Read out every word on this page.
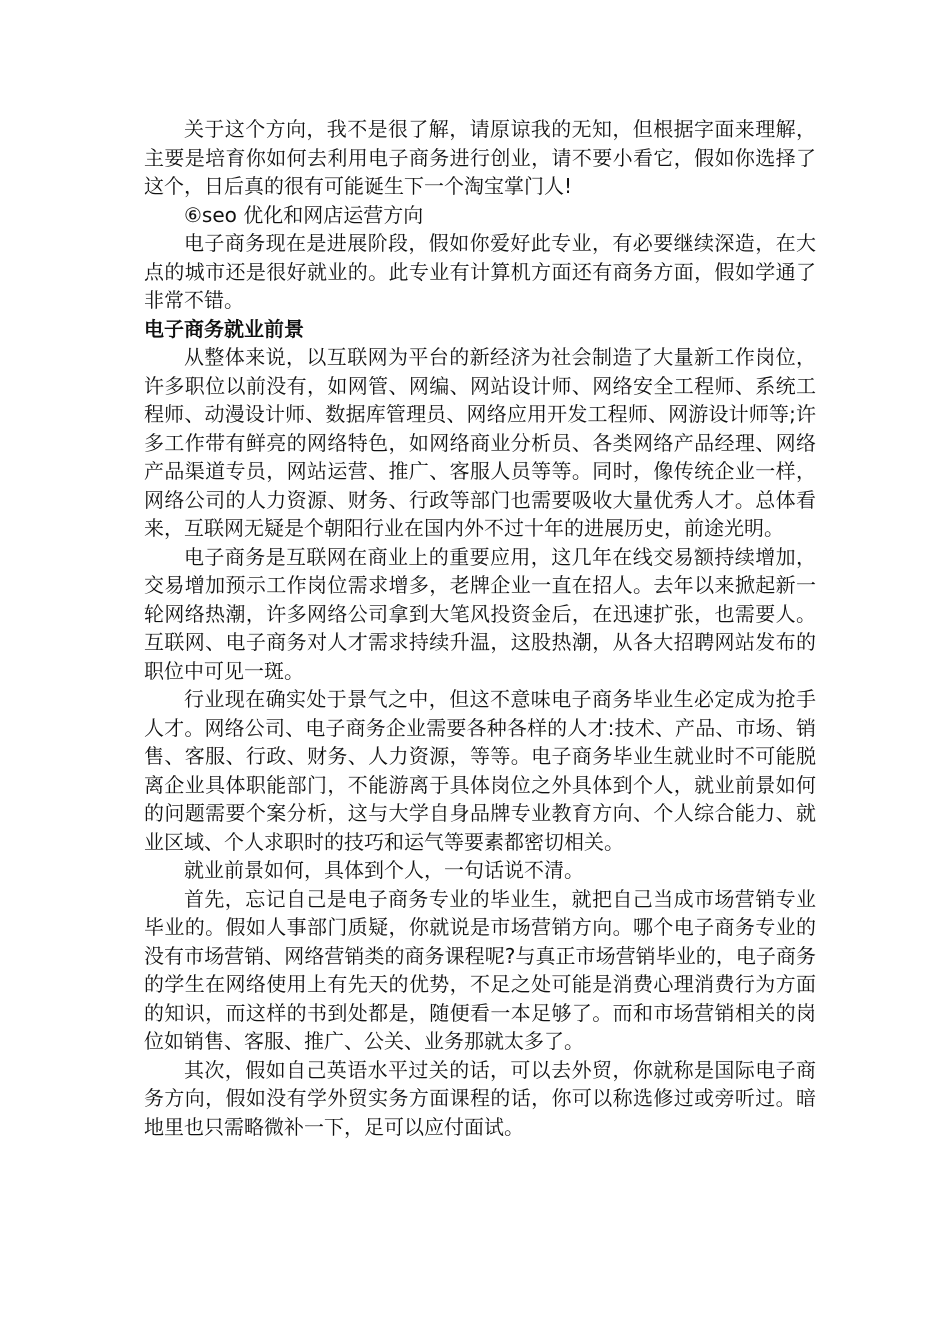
关于这个方向，我不是很了解，请原谅我的无知，但根据字面来理解，主要是培育你如何去利用电子商务进行创业，请不要小看它，假如你选择了这个，日后真的很有可能诞生下一个淘宝掌门人!

⑥seo 优化和网店运营方向

电子商务现在是进展阶段，假如你爱好此专业，有必要继续深造，在大点的城市还是很好就业的。此专业有计算机方面还有商务方面，假如学通了非常不错。

电子商务就业前景

从整体来说，以互联网为平台的新经济为社会制造了大量新工作岗位，许多职位以前没有，如网管、网编、网站设计师、网络安全工程师、系统工程师、动漫设计师、数据库管理员、网络应用开发工程师、网游设计师等;许多工作带有鲜亮的网络特色，如网络商业分析员、各类网络产品经理、网络产品渠道专员，网站运营、推广、客服人员等等。同时，像传统企业一样，网络公司的人力资源、财务、行政等部门也需要吸收大量优秀人才。总体看来，互联网无疑是个朝阳行业在国内外不过十年的进展历史，前途光明。

电子商务是互联网在商业上的重要应用，这几年在线交易额持续增加，交易增加预示工作岗位需求增多，老牌企业一直在招人。去年以来掀起新一轮网络热潮，许多网络公司拿到大笔风投资金后，在迅速扩张，也需要人。互联网、电子商务对人才需求持续升温，这股热潮，从各大招聘网站发布的职位中可见一斑。

行业现在确实处于景气之中，但这不意味电子商务毕业生必定成为抢手人才。网络公司、电子商务企业需要各种各样的人才:技术、产品、市场、销售、客服、行政、财务、人力资源，等等。电子商务毕业生就业时不可能脱离企业具体职能部门，不能游离于具体岗位之外具体到个人，就业前景如何的问题需要个案分析，这与大学自身品牌专业教育方向、个人综合能力、就业区域、个人求职时的技巧和运气等要素都密切相关。

就业前景如何，具体到个人，一句话说不清。

首先，忘记自己是电子商务专业的毕业生，就把自己当成市场营销专业毕业的。假如人事部门质疑，你就说是市场营销方向。哪个电子商务专业的没有市场营销、网络营销类的商务课程呢?与真正市场营销毕业的，电子商务的学生在网络使用上有先天的优势，不足之处可能是消费心理消费行为方面的知识，而这样的书到处都是，随便看一本足够了。而和市场营销相关的岗位如销售、客服、推广、公关、业务那就太多了。

其次，假如自己英语水平过关的话，可以去外贸，你就称是国际电子商务方向，假如没有学外贸实务方面课程的话，你可以称选修过或旁听过。暗地里也只需略微补一下，足可以应付面试。
